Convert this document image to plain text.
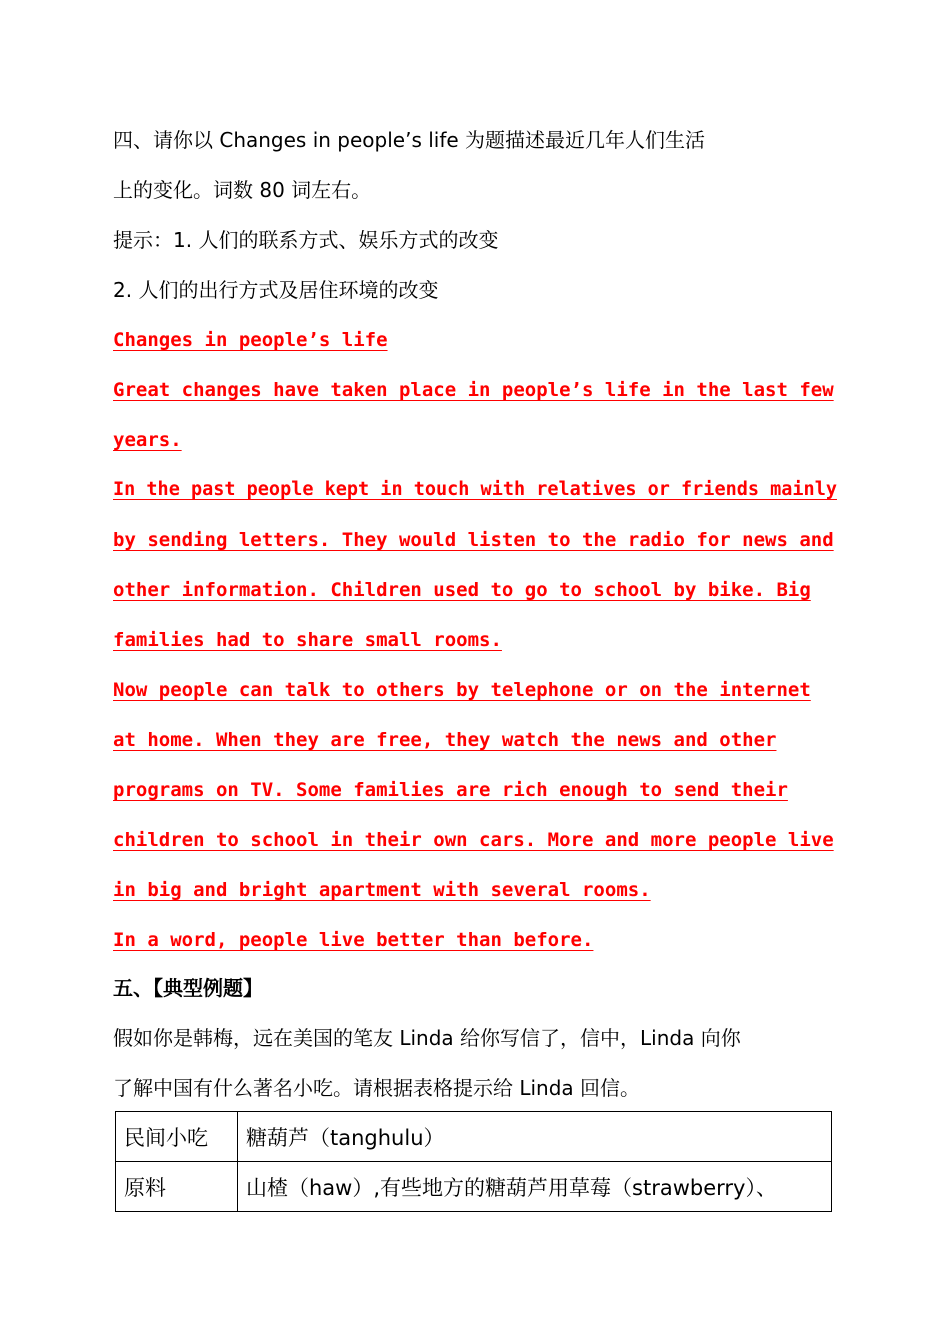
四、请你以 Changes in people’s life 为题描述最近几年人们生活
上的变化。词数 80 词左右。
提示：1. 人们的联系方式、娱乐方式的改变
2. 人们的出行方式及居住环境的改变
Changes in people’s life
Great changes have taken place in people’s life in the last few
years.
In the past people kept in touch with relatives or friends mainly
by sending letters. They would listen to the radio for news and
other information. Children used to go to school by bike. Big
families had to share small rooms.
Now people can talk to others by telephone or on the internet
at home. When they are free, they watch the news and other
programs on TV. Some families are rich enough to send their
children to school in their own cars. More and more people live
in big and bright apartment with several rooms.
In a word, people live better than before.
五、【典型例题】
假如你是韩梅，远在美国的笔友 Linda 给你写信了，信中，Linda 向你
了解中国有什么著名小吃。请根据表格提示给 Linda 回信。
民间小吃	糖葫芦（tanghulu）
原料	山楂（haw）,有些地方的糖葫芦用草莓（strawberry）、
